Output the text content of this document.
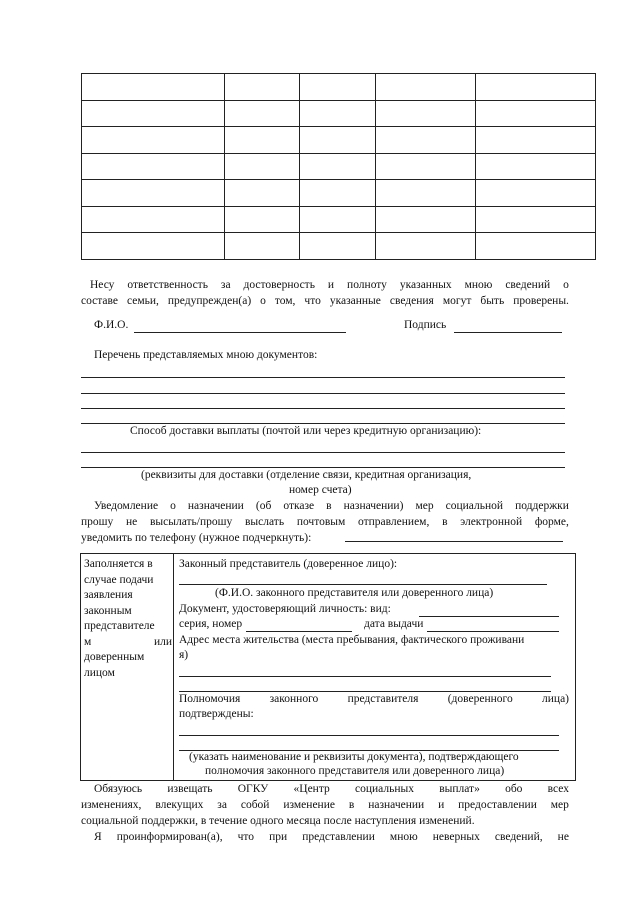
Несу ответственность за достоверность и полноту указанных мною сведений о
составе семьи, предупрежден(а) о том, что указанные сведения могут быть проверены.
Ф.И.О.	Подпись
Перечень представляемых мною документов:
Способ доставки выплаты (почтой или через кредитную организацию):
(реквизиты для доставки (отделение связи, кредитная организация,
номер счета)
Уведомление о назначении (об отказе в назначении) мер социальной поддержки
прошу не высылать/прошу выслать почтовым отправлением, в электронной форме,
уведомить по телефону (нужное подчеркнуть):
Заполняется в
случае подачи
заявления
законным
представителе
м	или
доверенным
лицом
Законный представитель (доверенное лицо):
(Ф.И.О. законного представителя или доверенного лица)
Документ, удостоверяющий личность: вид:
серия, номер	дата выдачи
Адрес места жительства (места пребывания, фактического проживани
я)
Полномочия	законного	представителя	(доверенного	лица)
подтверждены:
(указать наименование и реквизиты документа), подтверждающего
полномочия законного представителя или доверенного лица)
Обязуюсь извещать ОГКУ «Центр социальных выплат» обо всех
изменениях, влекущих за собой изменение в назначении и предоставлении мер
социальной поддержки, в течение одного месяца после наступления изменений.
Я проинформирован(а), что при представлении мною неверных сведений, не
